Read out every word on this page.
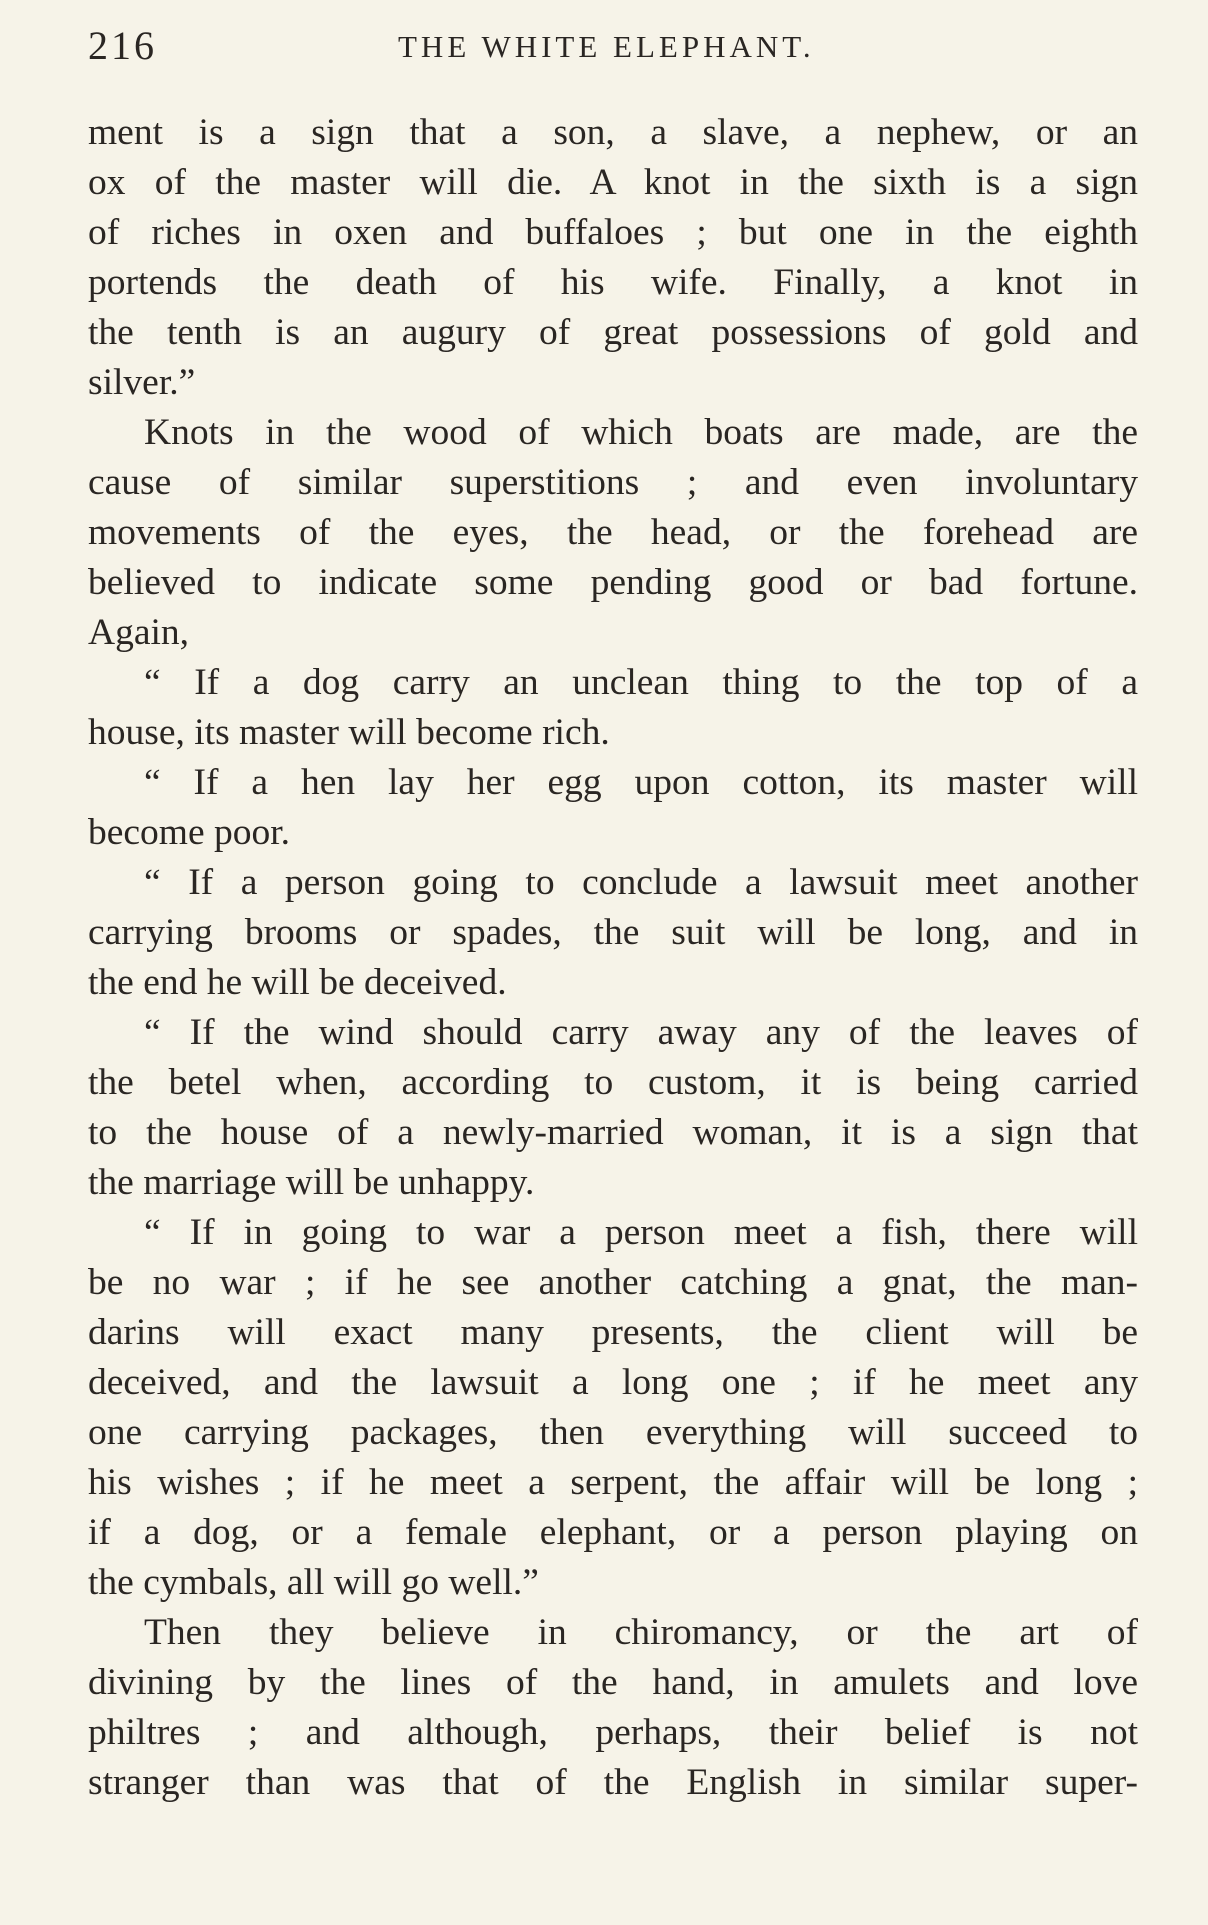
216	THE WHITE ELEPHANT.
ment is a sign that a son, a slave, a nephew, or an
ox of the master will die. A knot in the sixth is a sign
of riches in oxen and buffaloes ; but one in the eighth
portends the death of his wife. Finally, a knot in
the tenth is an augury of great possessions of gold and
silver.”
Knots in the wood of which boats are made, are the
cause of similar superstitions ; and even involuntary
movements of the eyes, the head, or the forehead are
believed to indicate some pending good or bad fortune.
Again,
“ If a dog carry an unclean thing to the top of a
house, its master will become rich.
“ If a hen lay her egg upon cotton, its master will
become poor.
“ If a person going to conclude a lawsuit meet another
carrying brooms or spades, the suit will be long, and in
the end he will be deceived.
“ If the wind should carry away any of the leaves of
the betel when, according to custom, it is being carried
to the house of a newly-married woman, it is a sign that
the marriage will be unhappy.
“ If in going to war a person meet a fish, there will
be no war ; if he see another catching a gnat, the man-
darins will exact many presents, the client will be
deceived, and the lawsuit a long one ; if he meet any
one carrying packages, then everything will succeed to
his wishes ; if he meet a serpent, the affair will be long ;
if a dog, or a female elephant, or a person playing on
the cymbals, all will go well.”
Then they believe in chiromancy, or the art of
divining by the lines of the hand, in amulets and love
philtres ; and although, perhaps, their belief is not
stranger than was that of the English in similar super-
